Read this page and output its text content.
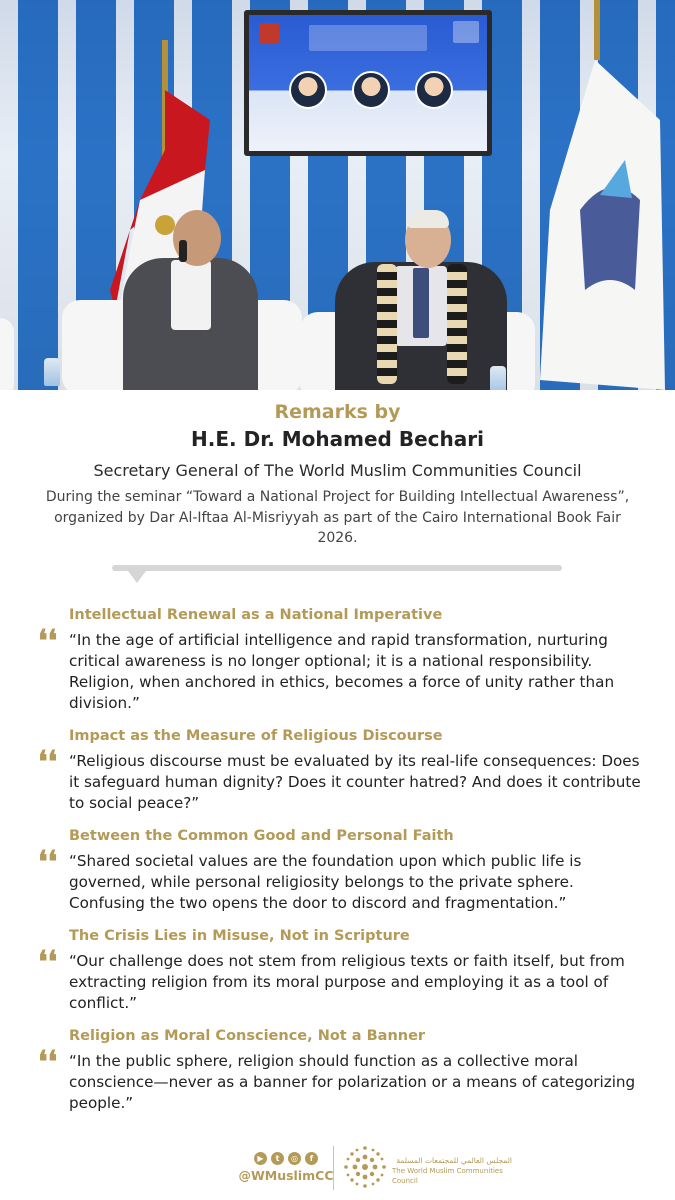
Remarks by
H.E. Dr. Mohamed Bechari
Secretary General of The World Muslim Communities Council
During the seminar “Toward a National Project for Building Intellectual Awareness”, organized by Dar Al-Iftaa Al-Misriyyah as part of the Cairo International Book Fair 2026.
Intellectual Renewal as a National Imperative
❛❛ “In the age of artificial intelligence and rapid transformation, nurturing critical awareness is no longer optional; it is a national responsibility. Religion, when anchored in ethics, becomes a force of unity rather than division.”
Impact as the Measure of Religious Discourse
❛❛ “Religious discourse must be evaluated by its real-life consequences: Does it safeguard human dignity? Does it counter hatred? And does it contribute to social peace?”
Between the Common Good and Personal Faith
❛❛ “Shared societal values are the foundation upon which public life is governed, while personal religiosity belongs to the private sphere. Confusing the two opens the door to discord and fragmentation.”
The Crisis Lies in Misuse, Not in Scripture
❛❛ “Our challenge does not stem from religious texts or faith itself, but from extracting religion from its moral purpose and employing it as a tool of conflict.”
Religion as Moral Conscience, Not a Banner
❛❛ “In the public sphere, religion should function as a collective moral conscience—never as a banner for polarization or a means of categorizing people.”
▶	t	◎	f
@WMuslimCC
المجلس العالمي للمجتمعات المسلمة
The World Muslim Communities Council
